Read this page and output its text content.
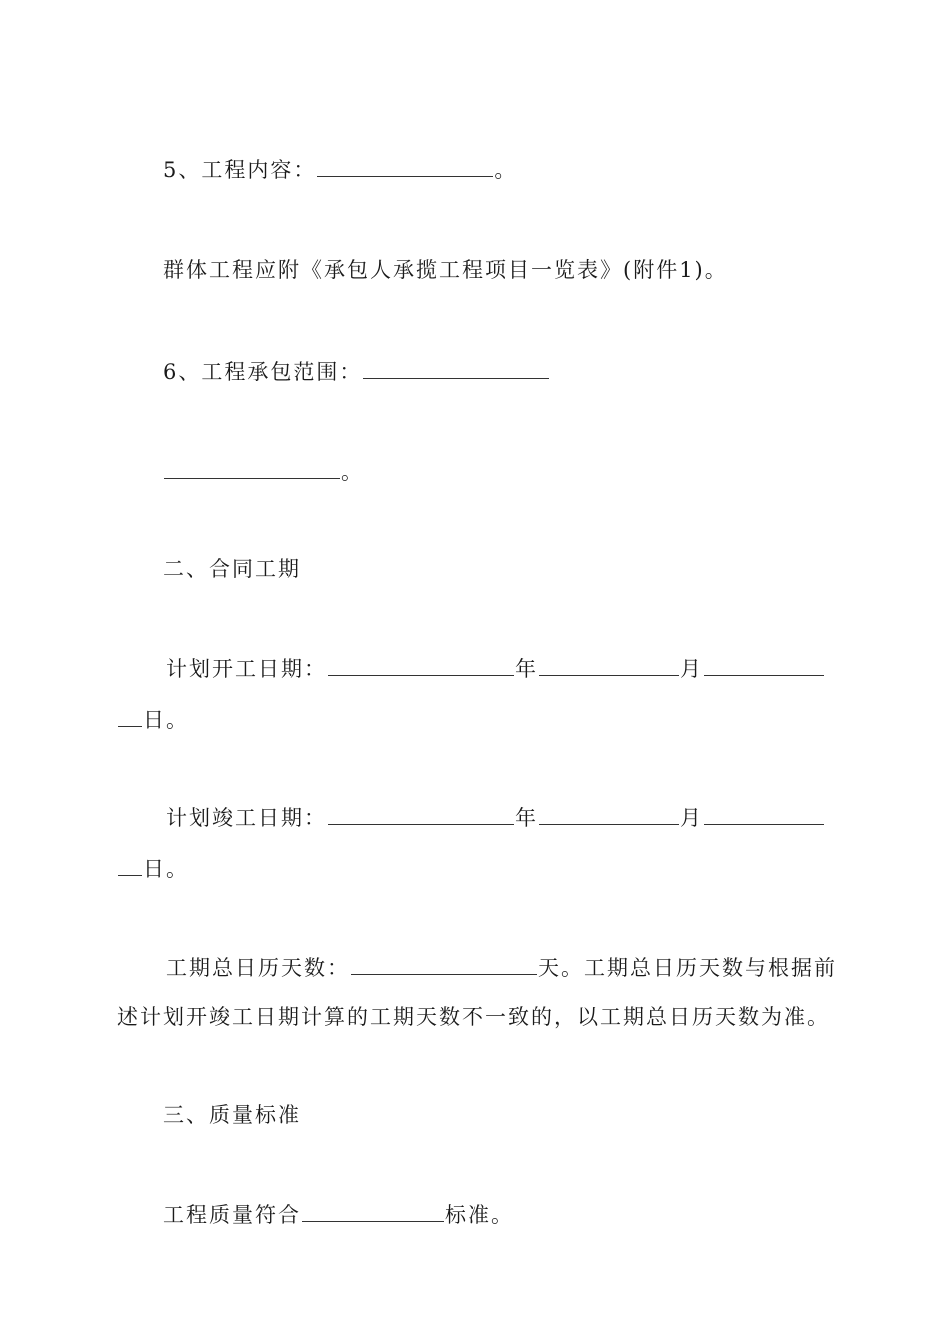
5、工程内容：	。
群体工程应附《承包人承揽工程项目一览表》(附件1)。
6、工程承包范围：
。
二、合同工期
计划开工日期：	年	月
日。
计划竣工日期：	年	月
日。
工期总日历天数：	天。工期总日历天数与根据前
述计划开竣工日期计算的工期天数不一致的，以工期总日历天数为准。
三、质量标准
工程质量符合	标准。
